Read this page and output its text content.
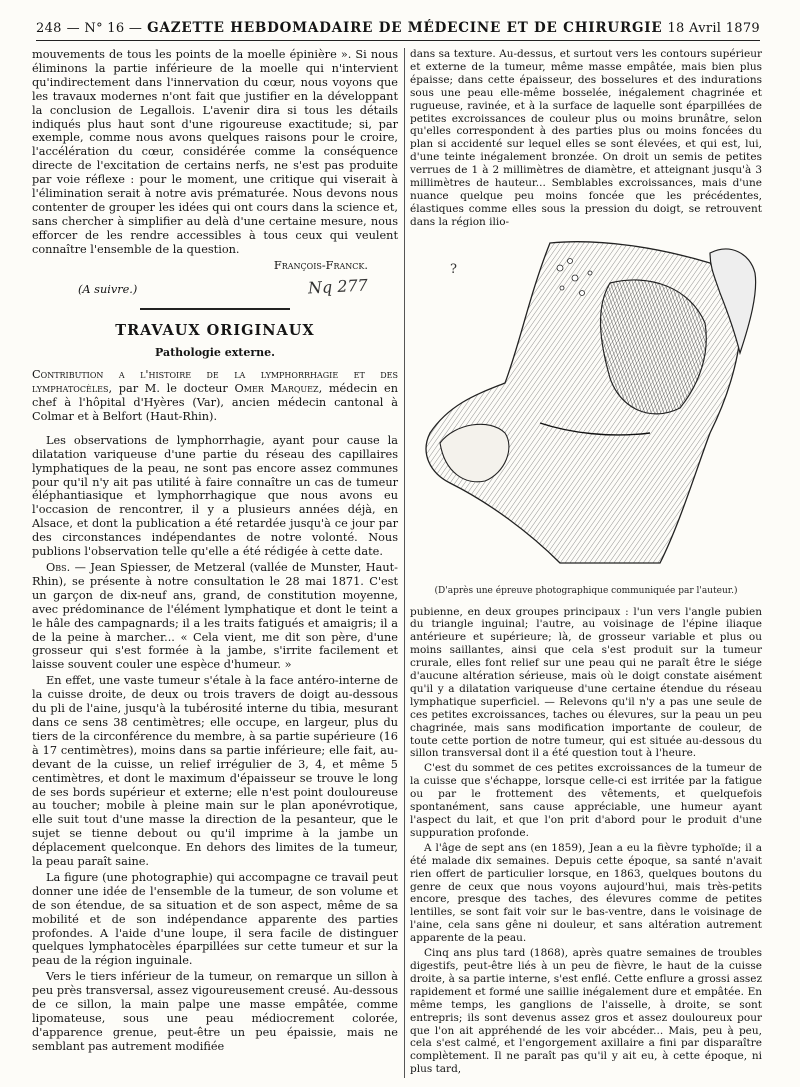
248 — N° 16 — GAZETTE HEBDOMADAIRE DE MÉDECINE ET DE CHIRURGIE 18 Avril 1879

mouvements de tous les points de la moelle épinière ». Si nous éliminons la partie inférieure de la moelle qui n'intervient qu'indirectement dans l'innervation du cœur, nous voyons que les travaux modernes n'ont fait que justifier en la développant la conclusion de Legallois. L'avenir dira si tous les détails indiqués plus haut sont d'une rigoureuse exactitude; si, par exemple, comme nous avons quelques raisons pour le croire, l'accélération du cœur, considérée comme la conséquence directe de l'excitation de certains nerfs, ne s'est pas produite par voie réflexe : pour le moment, une critique qui viserait à l'élimination serait à notre avis prématurée. Nous devons nous contenter de grouper les idées qui ont cours dans la science et, sans chercher à simplifier au delà d'une certaine mesure, nous efforcer de les rendre accessibles à tous ceux qui veulent connaître l'ensemble de la question.

François-Franck.
(A suivre.)	Nq 277
TRAVAUX ORIGINAUX
Pathologie externe.

Contribution a l'histoire de la lymphorrhagie et des lymphatocèles, par M. le docteur Omer Marquez, médecin en chef à l'hôpital d'Hyères (Var), ancien médecin cantonal à Colmar et à Belfort (Haut-Rhin).

Les observations de lymphorrhagie, ayant pour cause la dilatation variqueuse d'une partie du réseau des capillaires lymphatiques de la peau, ne sont pas encore assez communes pour qu'il n'y ait pas utilité à faire connaître un cas de tumeur éléphantiasique et lymphorrhagique que nous avons eu l'occasion de rencontrer, il y a plusieurs années déjà, en Alsace, et dont la publication a été retardée jusqu'à ce jour par des circonstances indépendantes de notre volonté. Nous publions l'observation telle qu'elle a été rédigée à cette date.

Obs. — Jean Spiesser, de Metzeral (vallée de Munster, Haut-Rhin), se présente à notre consultation le 28 mai 1871. C'est un garçon de dix-neuf ans, grand, de constitution moyenne, avec prédominance de l'élément lymphatique et dont le teint a le hâle des campagnards; il a les traits fatigués et amaigris; il a de la peine à marcher... « Cela vient, me dit son père, d'une grosseur qui s'est formée à la jambe, s'irrite facilement et laisse souvent couler une espèce d'humeur. »

En effet, une vaste tumeur s'étale à la face antéro-interne de la cuisse droite, de deux ou trois travers de doigt au-dessous du pli de l'aine, jusqu'à la tubérosité interne du tibia, mesurant dans ce sens 38 centimètres; elle occupe, en largeur, plus du tiers de la circonférence du membre, à sa partie supérieure (16 à 17 centimètres), moins dans sa partie inférieure; elle fait, au-devant de la cuisse, un relief irrégulier de 3, 4, et même 5 centimètres, et dont le maximum d'épaisseur se trouve le long de ses bords supérieur et externe; elle n'est point douloureuse au toucher; mobile à pleine main sur le plan aponévrotique, elle suit tout d'une masse la direction de la pesanteur, que le sujet se tienne debout ou qu'il imprime à la jambe un déplacement quelconque. En dehors des limites de la tumeur, la peau paraît saine.

La figure (une photographie) qui accompagne ce travail peut donner une idée de l'ensemble de la tumeur, de son volume et de son étendue, de sa situation et de son aspect, même de sa mobilité et de son indépendance apparente des parties profondes. A l'aide d'une loupe, il sera facile de distinguer quelques lymphatocèles éparpillées sur cette tumeur et sur la peau de la région inguinale.

Vers le tiers inférieur de la tumeur, on remarque un sillon à peu près transversal, assez vigoureusement creusé. Au-dessous de ce sillon, la main palpe une masse empâtée, comme lipomateuse, sous une peau médiocrement colorée, d'apparence grenue, peut-être un peu épaissie, mais ne semblant pas autrement modifiée

dans sa texture. Au-dessus, et surtout vers les contours supérieur et externe de la tumeur, même masse empâtée, mais bien plus épaisse; dans cette épaisseur, des bosselures et des indurations sous une peau elle-même bosselée, inégalement chagrinée et rugueuse, ravinée, et à la surface de laquelle sont éparpillées de petites excroissances de couleur plus ou moins brunâtre, selon qu'elles correspondent à des parties plus ou moins foncées du plan si accidenté sur lequel elles se sont élevées, et qui est, lui, d'une teinte inégalement bronzée. On droit un semis de petites verrues de 1 à 2 millimètres de diamètre, et atteignant jusqu'à 3 millimètres de hauteur... Semblables excroissances, mais d'une nuance quelque peu moins foncée que les précédentes, élastiques comme elles sous la pression du doigt, se retrouvent dans la région ilio-

?
(D'après une épreuve photographique communiquée par l'auteur.)

pubienne, en deux groupes principaux : l'un vers l'angle pubien du triangle inguinal; l'autre, au voisinage de l'épine iliaque antérieure et supérieure; là, de grosseur variable et plus ou moins saillantes, ainsi que cela s'est produit sur la tumeur crurale, elles font relief sur une peau qui ne paraît être le siége d'aucune altération sérieuse, mais où le doigt constate aisément qu'il y a dilatation variqueuse d'une certaine étendue du réseau lymphatique superficiel. — Relevons qu'il n'y a pas une seule de ces petites excroissances, taches ou élevures, sur la peau un peu chagrinée, mais sans modification importante de couleur, de toute cette portion de notre tumeur, qui est située au-dessous du sillon transversal dont il a été question tout à l'heure.

C'est du sommet de ces petites excroissances de la tumeur de la cuisse que s'échappe, lorsque celle-ci est irritée par la fatigue ou par le frottement des vêtements, et quelquefois spontanément, sans cause appréciable, une humeur ayant l'aspect du lait, et que l'on prit d'abord pour le produit d'une suppuration profonde.

A l'âge de sept ans (en 1859), Jean a eu la fièvre typhoïde; il a été malade dix semaines. Depuis cette époque, sa santé n'avait rien offert de particulier lorsque, en 1863, quelques boutons du genre de ceux que nous voyons aujourd'hui, mais très-petits encore, presque des taches, des élevures comme de petites lentilles, se sont fait voir sur le bas-ventre, dans le voisinage de l'aine, cela sans gêne ni douleur, et sans altération autrement apparente de la peau.

Cinq ans plus tard (1868), après quatre semaines de troubles digestifs, peut-être liés à un peu de fièvre, le haut de la cuisse droite, à sa partie interne, s'est enflé. Cette enflure a grossi assez rapidement et formé une saillie inégalement dure et empâtée. En même temps, les ganglions de l'aisselle, à droite, se sont entrepris; ils sont devenus assez gros et assez douloureux pour que l'on ait appréhendé de les voir abcéder... Mais, peu à peu, cela s'est calmé, et l'engorgement axillaire a fini par disparaître complètement. Il ne paraît pas qu'il y ait eu, à cette époque, ni plus tard,
